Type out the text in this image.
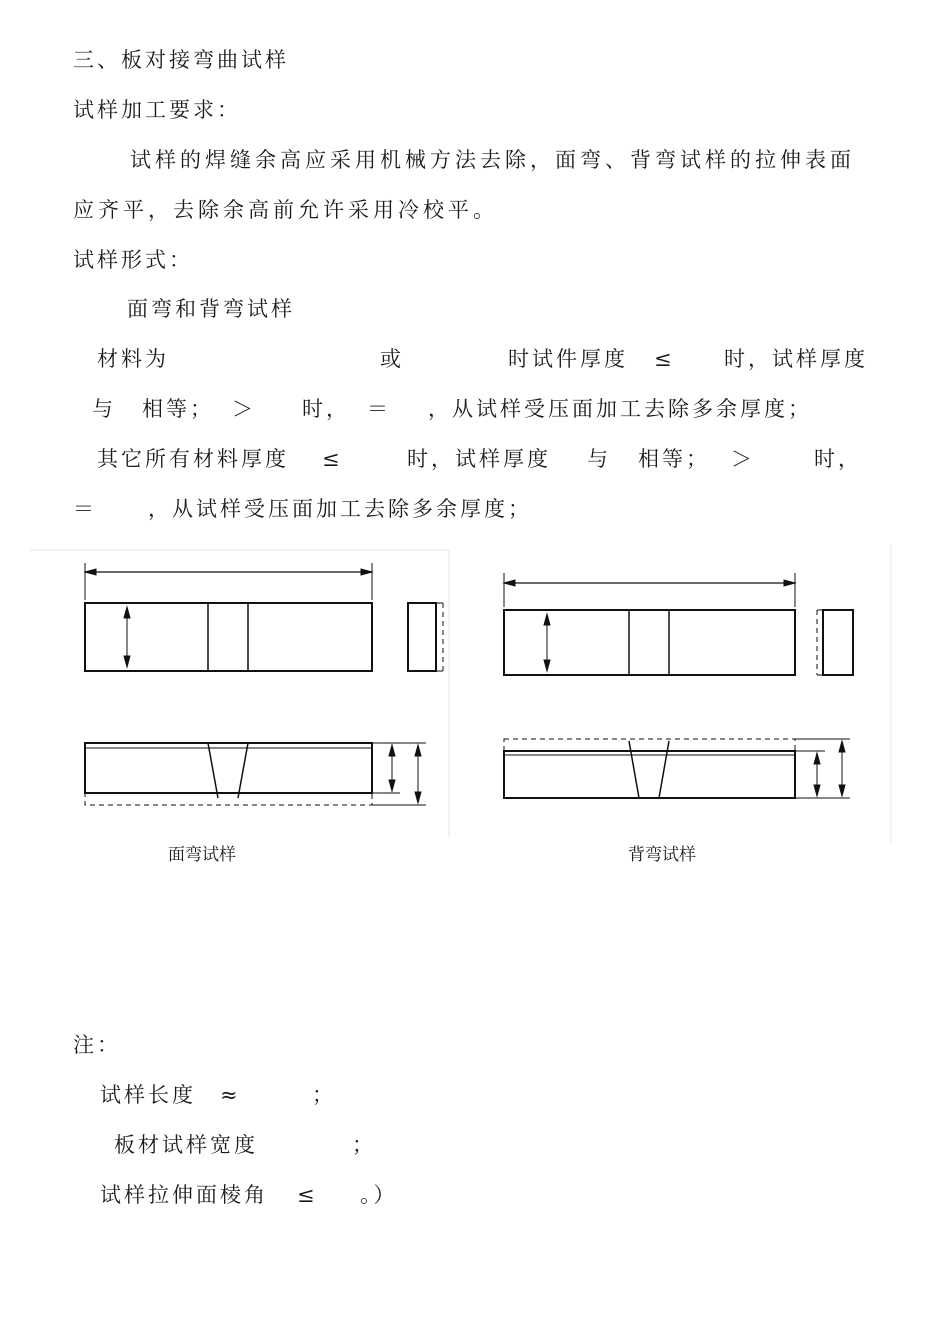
三、板对接弯曲试样
试样加工要求：
试样的焊缝余高应采用机械方法去除，面弯、背弯试样的拉伸表面
应齐平，去除余高前允许采用冷校平。
试样形式：
面弯和背弯试样
材料为	或	时试件厚度 ≤ 时，试样厚度
与 相等； ＞ 时， ＝ ，从试样受压面加工去除多余厚度；
其它所有材料厚度 ≤	时，试样厚度 与 相等； ＞	时，
＝ ，从试样受压面加工去除多余厚度；
面弯试样	背弯试样
注：
试样长度 ≈	；
板材试样宽度	；
试样拉伸面棱角 ≤ 。）
